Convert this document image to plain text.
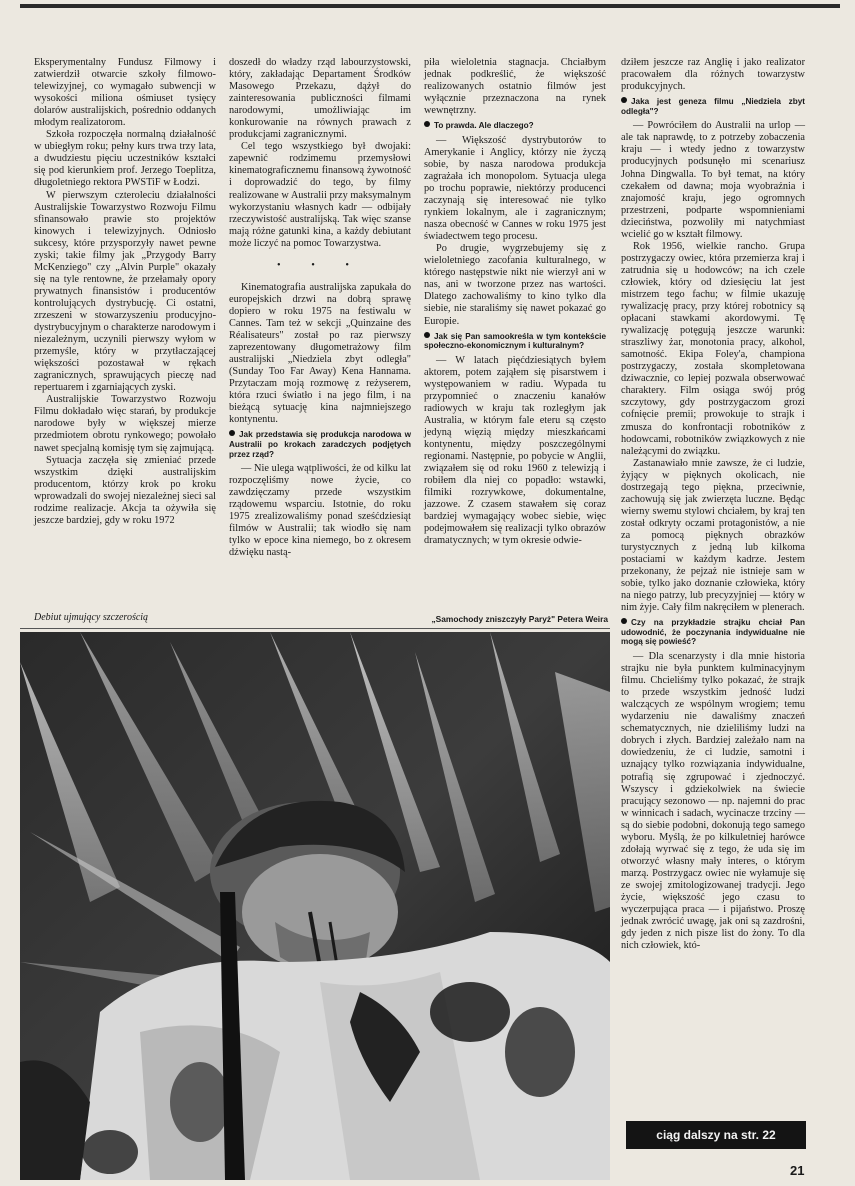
Eksperymentalny Fundusz Filmowy i zatwierdził otwarcie szkoły filmowo-telewizyjnej, co wymagało subwencji w wysokości miliona ośmiuset tysięcy dolarów australijskich, pośrednio oddanych młodym realizatorom.

Szkoła rozpoczęła normalną działalność w ubiegłym roku; pełny kurs trwa trzy lata, a dwudziestu pięciu uczestników kształci się pod kierunkiem prof. Jerzego Toeplitza, długoletniego rektora PWSTiF w Łodzi.

W pierwszym czteroleciu działalności Australijskie Towarzystwo Rozwoju Filmu sfinansowało prawie sto projektów kinowych i telewizyjnych. Odniosło sukcesy, które przysporzyły nawet pewne zyski; takie filmy jak „Przygody Barry McKenziego" czy „Alvin Purple" okazały się na tyle rentowne, że przełamały opory prywatnych finansistów i producentów kontrolujących dystrybucję. Ci ostatni, zrzeszeni w stowarzyszeniu producyjno-dystrybucyjnym o charakterze narodowym i niezależnym, uczynili pierwszy wyłom w przemyśle, który w przytłaczającej większości pozostawał w rękach zagranicznych, sprawujących pieczę nad repertuarem i zgarniających zyski.

Australijskie Towarzystwo Rozwoju Filmu dokładało więc starań, by produkcje narodowe były w większej mierze przedmiotem obrotu rynkowego; powołało nawet specjalną komisję tym się zajmującą.

Sytuacja zaczęła się zmieniać przede wszystkim dzięki australijskim producentom, którzy krok po kroku wprowadzali do swojej niezależnej sieci sal rodzime realizacje. Akcja ta ożywiła się jeszcze bardziej, gdy w roku 1972

doszedł do władzy rząd labourzystowski, który, zakładając Departament Środków Masowego Przekazu, dążył do zainteresowania publiczności filmami narodowymi, umożliwiając im konkurowanie na równych prawach z produkcjami zagranicznymi.

Cel tego wszystkiego był dwojaki: zapewnić rodzimemu przemysłowi kinematograficznemu finansową żywotność i doprowadzić do tego, by filmy realizowane w Australii przy maksymalnym wykorzystaniu własnych kadr — odbijały rzeczywistość australijską. Tak więc szanse mają różne gatunki kina, a każdy debiutant może liczyć na pomoc Towarzystwa.

• • •

Kinematografia australijska zapukała do europejskich drzwi na dobrą sprawę dopiero w roku 1975 na festiwalu w Cannes. Tam też w sekcji „Quinzaine des Réalisateurs" został po raz pierwszy zaprezentowany długometrażowy film australijski „Niedziela zbyt odległa" (Sunday Too Far Away) Kena Hannama. Przytaczam moją rozmowę z reżyserem, która rzuci światło i na jego film, i na bieżącą sytuację kina najmniejszego kontynentu.

Jak przedstawia się produkcja narodowa w Australii po krokach zaradczych podjętych przez rząd?

— Nie ulega wątpliwości, że od kilku lat rozpoczęliśmy nowe życie, co zawdzięczamy przede wszystkim rządowemu wsparciu. Istotnie, do roku 1975 zrealizowaliśmy ponad sześćdziesiąt filmów w Australii; tak wiodło się nam tylko w epoce kina niemego, bo z okresem dźwięku nastą-

piła wieloletnia stagnacja. Chciałbym jednak podkreślić, że większość realizowanych ostatnio filmów jest wyłącznie przeznaczona na rynek wewnętrzny.

To prawda. Ale dlaczego?

— Większość dystrybutorów to Amerykanie i Anglicy, którzy nie życzą sobie, by nasza narodowa produkcja zagrażała ich monopolom. Sytuacja ulega po trochu poprawie, niektórzy producenci zaczynają się interesować nie tylko rynkiem lokalnym, ale i zagranicznym; nasza obecność w Cannes w roku 1975 jest świadectwem tego procesu.

Po drugie, wygrzebujemy się z wieloletniego zacofania kulturalnego, w którego następstwie nikt nie wierzył ani w nas, ani w tworzone przez nas wartości. Dlatego zachowaliśmy to kino tylko dla siebie, nie staraliśmy się nawet pokazać go Europie.

Jak się Pan samookreśla w tym kontekście społeczno-ekonomicznym i kulturalnym?

— W latach pięćdziesiątych byłem aktorem, potem zająłem się pisarstwem i występowaniem w radiu. Wypada tu przypomnieć o znaczeniu kanałów radiowych w kraju tak rozległym jak Australia, w którym fale eteru są często jedyną więzią między mieszkańcami kontynentu, między poszczególnymi regionami. Następnie, po pobycie w Anglii, związałem się od roku 1960 z telewizją i robiłem dla niej co popadło: wstawki, filmiki rozrywkowe, dokumentalne, jazzowe. Z czasem stawałem się coraz bardziej wymagający wobec siebie, więc podejmowałem się realizacji tylko obrazów dramatycznych; w tym okresie odwie-

dziłem jeszcze raz Anglię i jako realizator pracowałem dla różnych towarzystw produkcyjnych.

Jaka jest geneza filmu „Niedziela zbyt odległa"?

— Powróciłem do Australii na urlop — ale tak naprawdę, to z potrzeby zobaczenia kraju — i wtedy jedno z towarzystw producyjnych podsunęło mi scenariusz Johna Dingwalla. To był temat, na który czekałem od dawna; moja wyobraźnia i znajomość kraju, jego ogromnych przestrzeni, podparte wspomnieniami dzieciństwa, pozwoliły mi natychmiast wcielić go w kształt filmowy.

Rok 1956, wielkie rancho. Grupa postrzygaczy owiec, która przemierza kraj i zatrudnia się u hodowców; na ich czele człowiek, który od dziesięciu lat jest mistrzem tego fachu; w filmie ukazuję rywalizację pracy, przy której robotnicy są opłacani stawkami akordowymi. Tę rywalizację potęgują jeszcze warunki: straszliwy żar, monotonia pracy, alkohol, samotność. Ekipa Foley'a, championa postrzygaczy, została skompletowana dziwacznie, co lepiej pozwala obserwować charaktery. Film osiąga swój próg szczytowy, gdy postrzygaczom grozi cofnięcie premii; prowokuje to strajk i zmusza do konfrontacji robotników z hodowcami, robotników związkowych z nie należącymi do związku.

Zastanawiało mnie zawsze, że ci ludzie, żyjący w pięknych okolicach, nie dostrzegają tego piękna, przeciwnie, zachowują się jak zwierzęta luczne. Będąc wierny swemu stylowi chciałem, by kraj ten został odkryty oczami protagonistów, a nie za pomocą pięknych obrazków turystycznych z jedną lub kilkoma postaciami w każdym kadrze. Jestem przekonany, że pejzaż nie istnieje sam w sobie, tylko jako doznanie człowieka, który na niego patrzy, lub precyzyjniej — który w nim żyje. Cały film nakręciłem w plenerach.

Czy na przykładzie strajku chciał Pan udowodnić, że poczynania indywidualne nie mogą się powieść?

— Dla scenarzysty i dla mnie historia strajku nie była punktem kulminacyjnym filmu. Chcieliśmy tylko pokazać, że strajk to przede wszystkim jedność ludzi walczących ze wspólnym wrogiem; temu wydarzeniu nie dawaliśmy znaczeń schematycznych, nie dzieliliśmy ludzi na dobrych i złych. Bardziej zależało nam na dowiedzeniu, że ci ludzie, samotni i uznający tylko rozwiązania indywidualne, potrafią się zgrupować i zjednoczyć. Wszyscy i gdziekolwiek na świecie pracujący sezonowo — np. najemni do prac w winnicach i sadach, wycinacze trzciny — są do siebie podobni, dokonują tego samego wyboru. Myślą, że po kilkuletniej harówce zdołają wyrwać się z tego, że uda się im otworzyć własny mały interes, o którym marzą. Postrzygacz owiec nie wyłamuje się ze swojej zmitologizowanej tradycji. Jego życie, większość jego czasu to wyczerpująca praca — i pijaństwo. Proszę jednak zwrócić uwagę, jak oni są zazdrośni, gdy jeden z nich pisze list do żony. To dla nich człowiek, któ-

Debiut ujmujący szczerością	„Samochody zniszczyły Paryż" Petera Weira
ciąg dalszy na str. 22
21
